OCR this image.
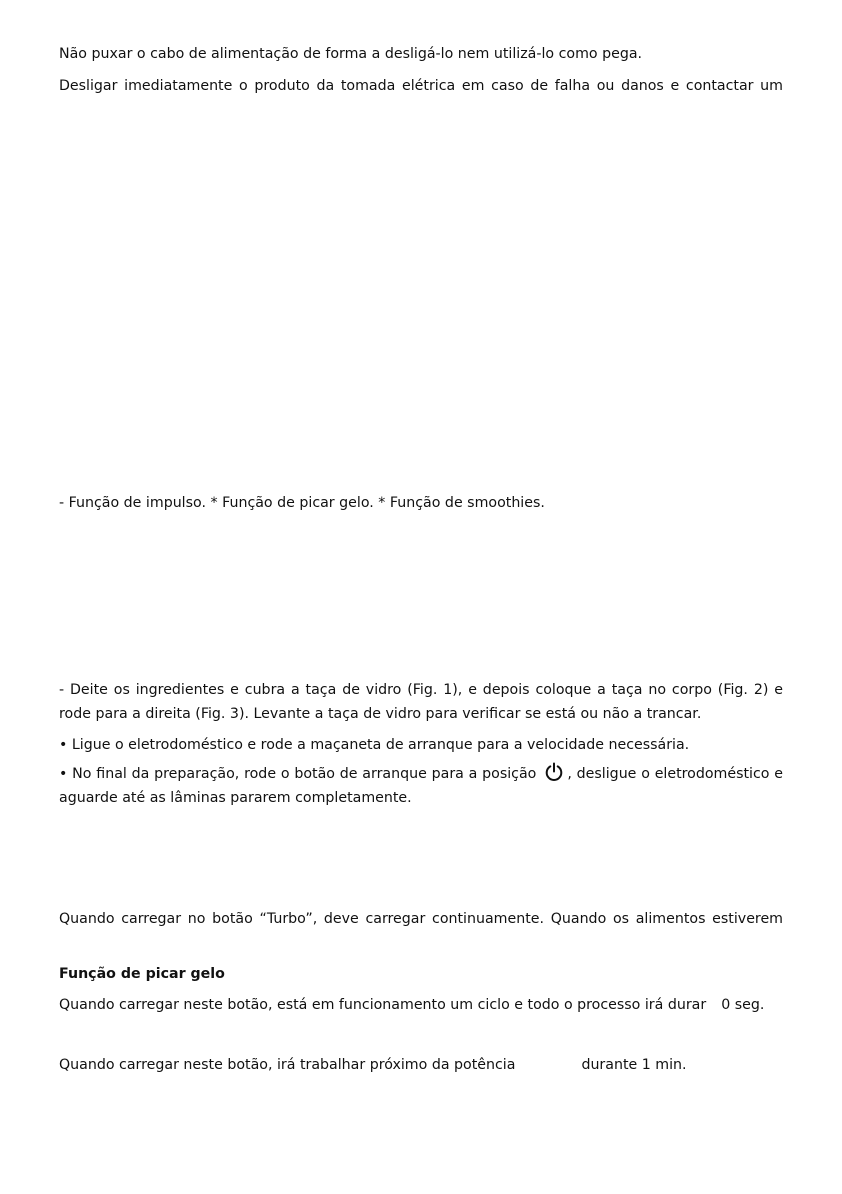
Não puxar o cabo de alimentação de forma a desligá-lo nem utilizá-lo como pega.

Desligar imediatamente o produto da tomada elétrica em caso de falha ou danos e contactar um

- Função de impulso. * Função de picar gelo. * Função de smoothies.

- Deite os ingredientes e cubra a taça de vidro (Fig. 1), e depois coloque a taça no corpo (Fig. 2) e rode para a direita (Fig. 3). Levante a taça de vidro para verificar se está ou não a trancar.

• Ligue o eletrodoméstico e rode a maçaneta de arranque para a velocidade necessária.

• No final da preparação, rode o botão de arranque para a posição , desligue o eletrodoméstico e aguarde até as lâminas pararem completamente.

Quando carregar no botão “Turbo”, deve carregar continuamente. Quando os alimentos estiverem

Função de picar gelo

Quando carregar neste botão, está em funcionamento um ciclo e todo o processo irá durar 0 seg.

Quando carregar neste botão, irá trabalhar próximo da potência	durante 1 min.
